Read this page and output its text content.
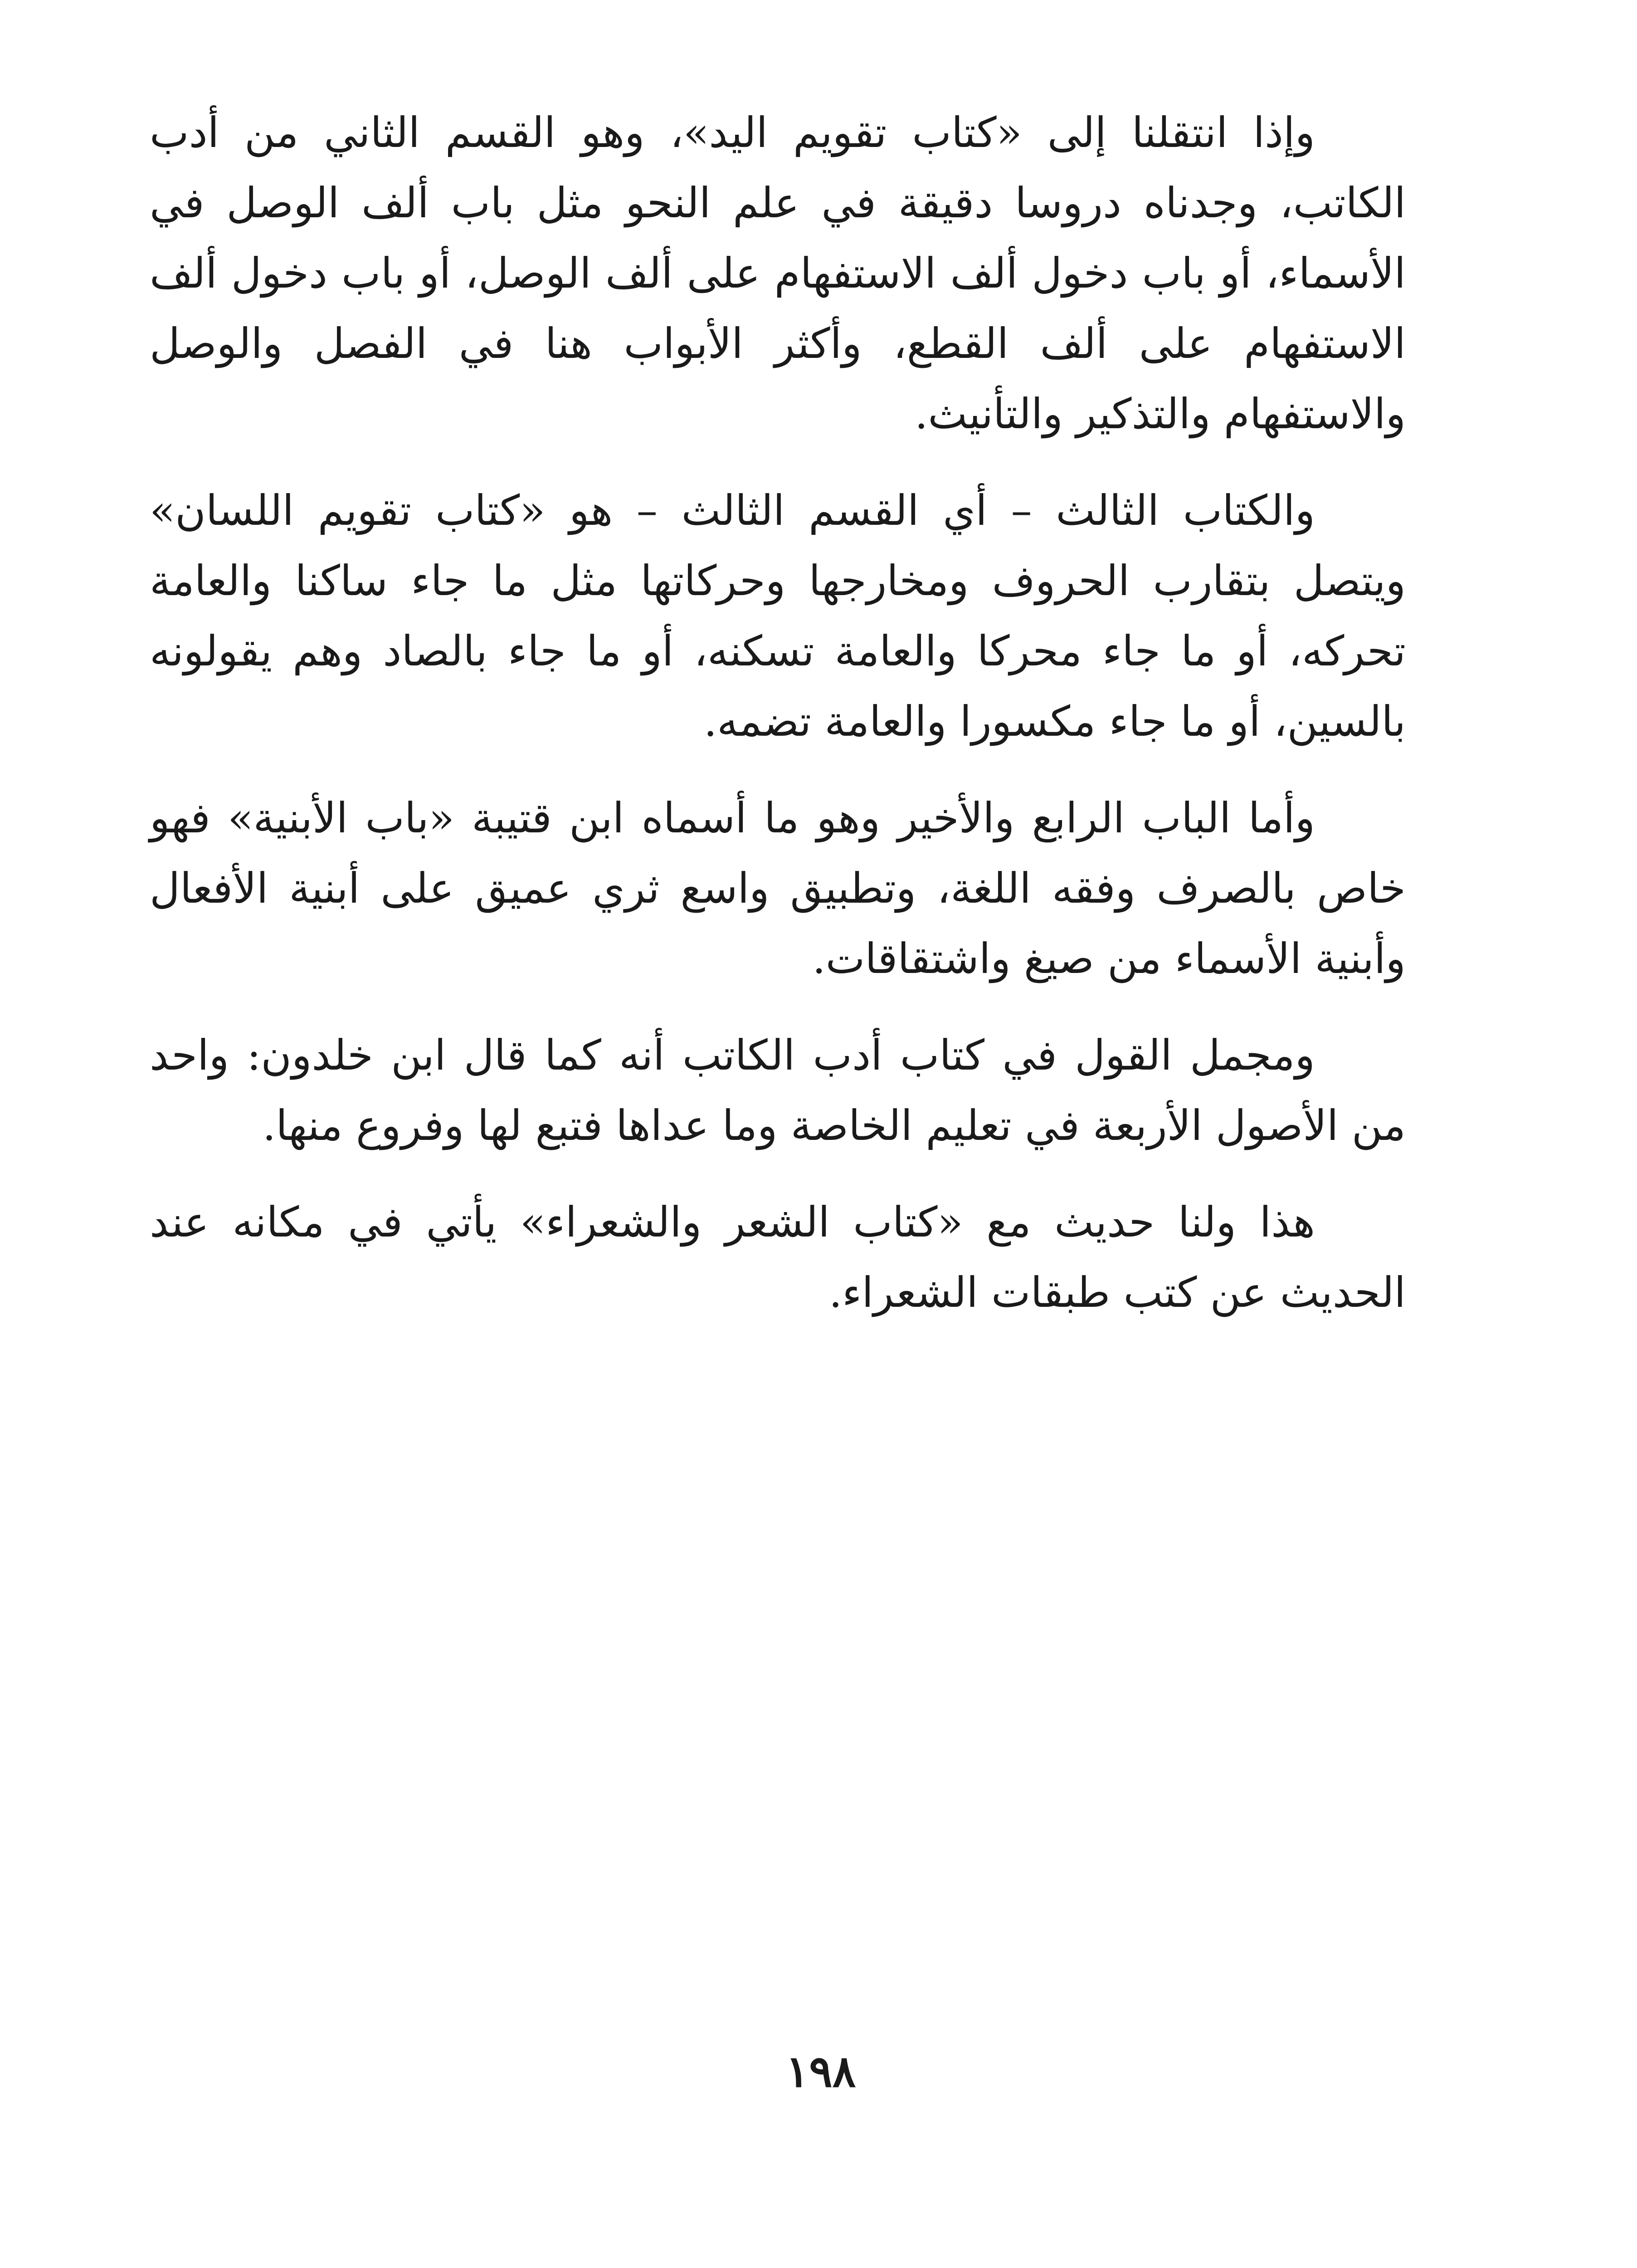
وإذا انتقلنا إلى «كتاب تقويم اليد»، وهو القسم الثاني من أدب الكاتب، وجدناه دروسا دقيقة في علم النحو مثل باب ألف الوصل في الأسماء، أو باب دخول ألف الاستفهام على ألف الوصل، أو باب دخول ألف الاستفهام على ألف القطع، وأكثر الأبواب هنا في الفصل والوصل والاستفهام والتذكير والتأنيث.

والكتاب الثالث – أي القسم الثالث – هو «كتاب تقويم اللسان» ويتصل بتقارب الحروف ومخارجها وحركاتها مثل ما جاء ساكنا والعامة تحركه، أو ما جاء محركا والعامة تسكنه، أو ما جاء بالصاد وهم يقولونه بالسين، أو ما جاء مكسورا والعامة تضمه.

وأما الباب الرابع والأخير وهو ما أسماه ابن قتيبة «باب الأبنية» فهو خاص بالصرف وفقه اللغة، وتطبيق واسع ثري عميق على أبنية الأفعال وأبنية الأسماء من صيغ واشتقاقات.

ومجمل القول في كتاب أدب الكاتب أنه كما قال ابن خلدون: واحد من الأصول الأربعة في تعليم الخاصة وما عداها فتبع لها وفروع منها.

هذا ولنا حديث مع «كتاب الشعر والشعراء» يأتي في مكانه عند الحديث عن كتب طبقات الشعراء.

١٩٨
